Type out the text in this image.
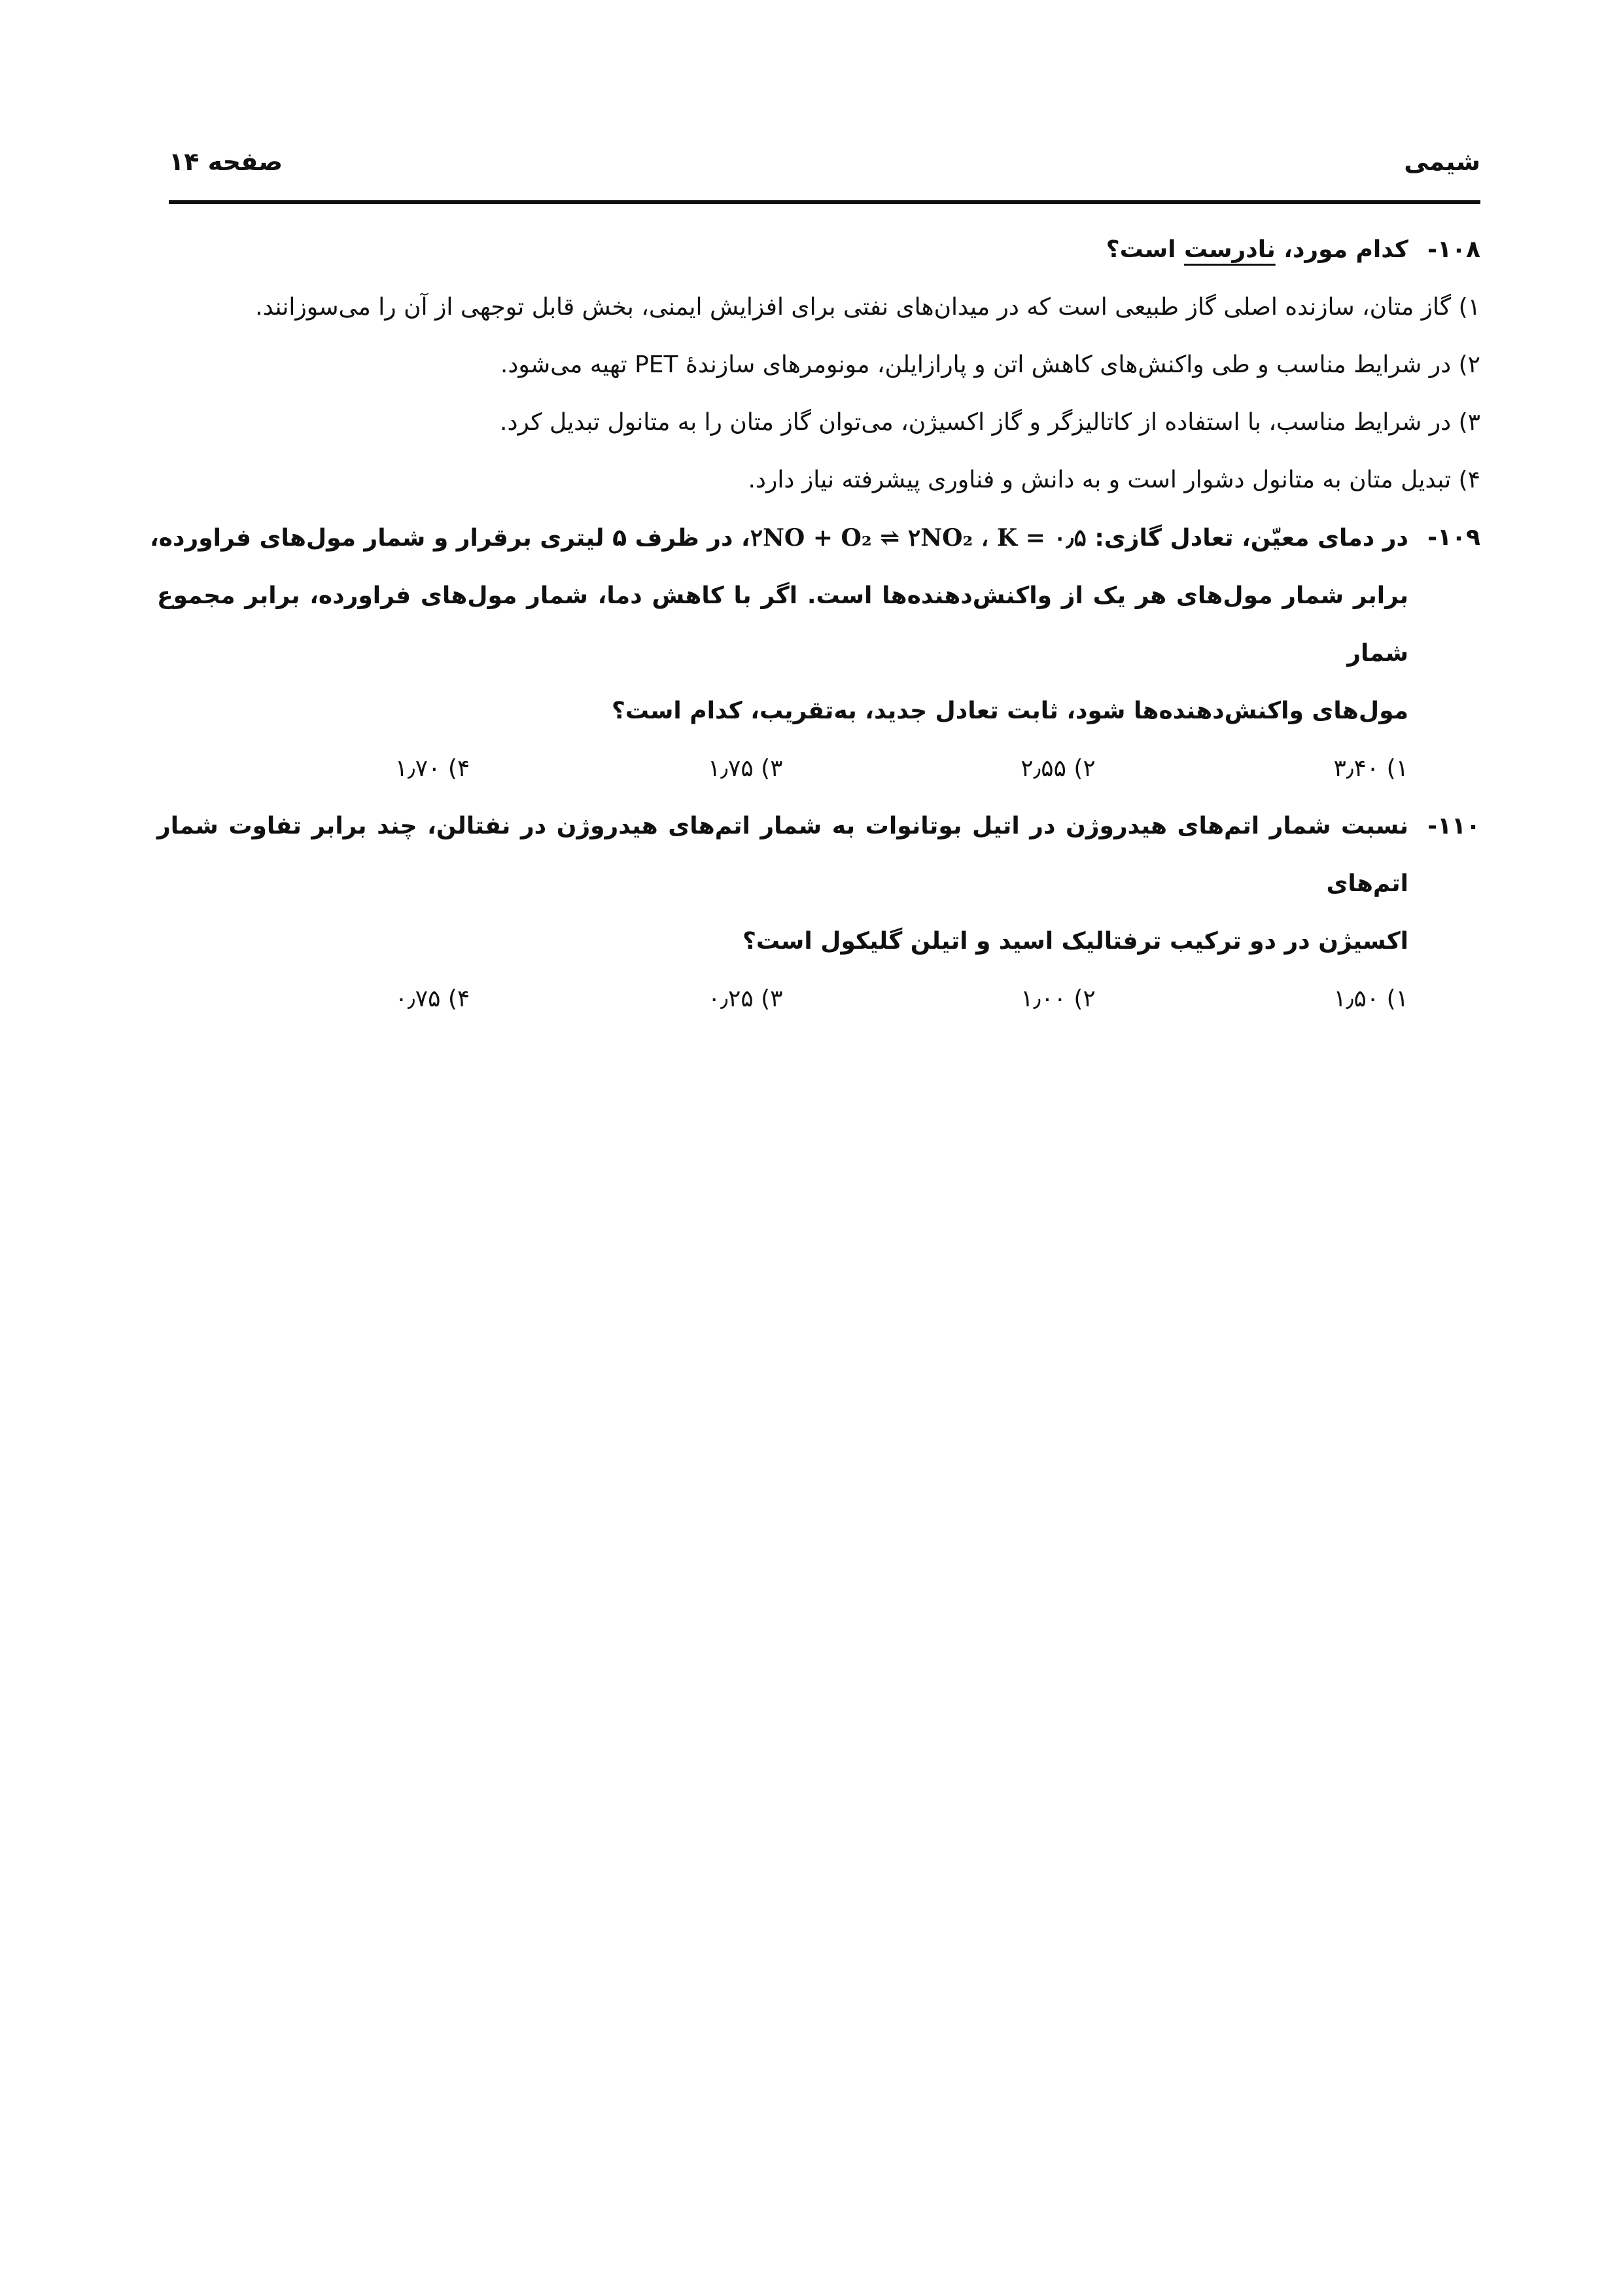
شیمی
صفحه ۱۴
۱۰۸-
کدام مورد، نادرست است؟
۱) گاز متان، سازنده اصلی گاز طبیعی است که در میدان‌های نفتی برای افزایش ایمنی، بخش قابل توجهی از آن را می‌سوزانند.
۲) در شرایط مناسب و طی واکنش‌های کاهش اتن و پارازایلن، مونومرهای سازندهٔ PET تهیه می‌شود.
۳) در شرایط مناسب، با استفاده از کاتالیزگر و گاز اکسیژن، می‌توان گاز متان را به متانول تبدیل کرد.
۴) تبدیل متان به متانول دشوار است و به دانش و فناوری پیشرفته نیاز دارد.
۱۰۹-
در دمای معیّن، تعادل گازی: ۲NO + O₂ ⇌ ۲NO₂ ، K = ۰٫۵، در ظرف ۵ لیتری برقرار و شمار مول‌های فراورده،
برابر شمار مول‌های هر یک از واکنش‌دهنده‌ها است. اگر با کاهش دما، شمار مول‌های فراورده، برابر مجموع شمار
مول‌های واکنش‌دهنده‌ها شود، ثابت تعادل جدید، به‌تقریب، کدام است؟
۱) ۳٫۴۰
۲) ۲٫۵۵
۳) ۱٫۷۵
۴) ۱٫۷۰
۱۱۰-
نسبت شمار اتم‌های هیدروژن در اتیل بوتانوات به شمار اتم‌های هیدروژن در نفتالن، چند برابر تفاوت شمار اتم‌های
اکسیژن در دو ترکیب ترفتالیک اسید و اتیلن گلیکول است؟
۱) ۱٫۵۰
۲) ۱٫۰۰
۳) ۰٫۲۵
۴) ۰٫۷۵
